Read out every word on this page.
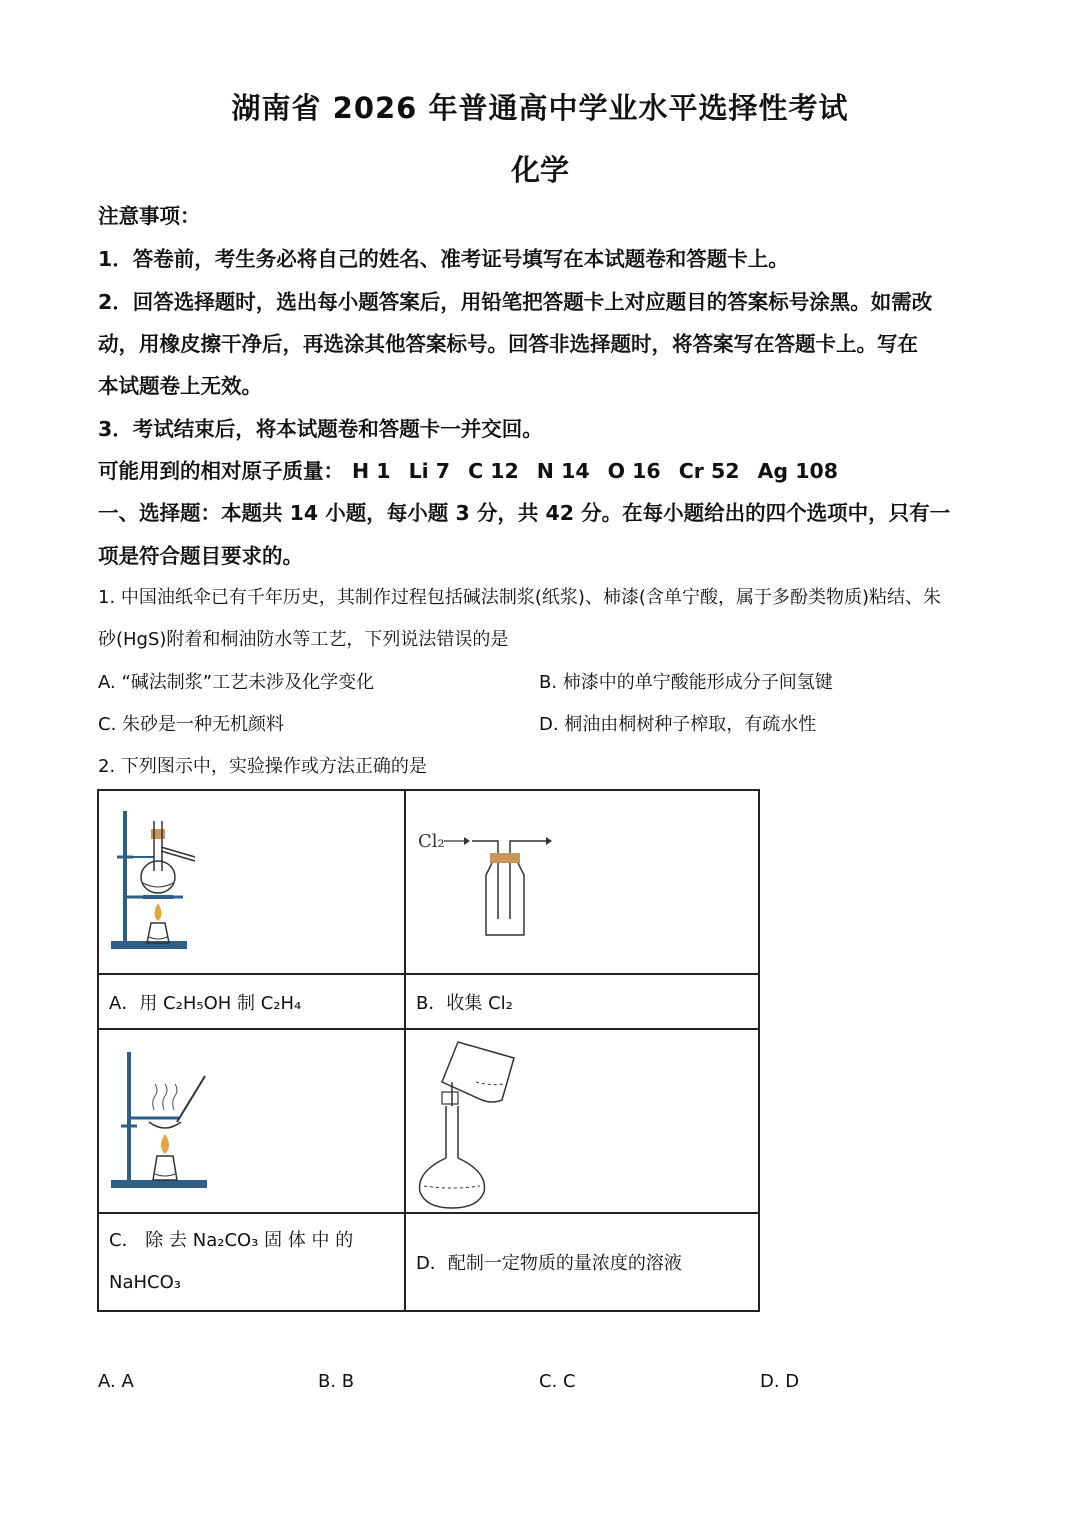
湖南省 2026 年普通高中学业水平选择性考试
化学
注意事项：
1．答卷前，考生务必将自己的姓名、准考证号填写在本试题卷和答题卡上。
2．回答选择题时，选出每小题答案后，用铅笔把答题卡上对应题目的答案标号涂黑。如需改
动，用橡皮擦干净后，再选涂其他答案标号。回答非选择题时，将答案写在答题卡上。写在
本试题卷上无效。
3．考试结束后，将本试题卷和答题卡一并交回。
可能用到的相对原子质量： H 1 Li 7 C 12 N 14 O 16 Cr 52 Ag 108
一、选择题：本题共 14 小题，每小题 3 分，共 42 分。在每小题给出的四个选项中，只有一
项是符合题目要求的。
1. 中国油纸伞已有千年历史，其制作过程包括碱法制浆(纸浆)、柿漆(含单宁酸，属于多酚类物质)粘结、朱
砂(HgS)附着和桐油防水等工艺，下列说法错误的是
A. “碱法制浆”工艺未涉及化学变化	B. 柿漆中的单宁酸能形成分子间氢键
C. 朱砂是一种无机颜料	D. 桐油由桐树种子榨取，有疏水性
2. 下列图示中，实验操作或方法正确的是

Cl₂

A．用 C₂H₅OH 制 C₂H₄	B．收集 Cl₂

C． 除 去 Na₂CO₃ 固 体 中 的
NaHCO₃	D．配制一定物质的量浓度的溶液
A. A	B. B	C. C	D. D
